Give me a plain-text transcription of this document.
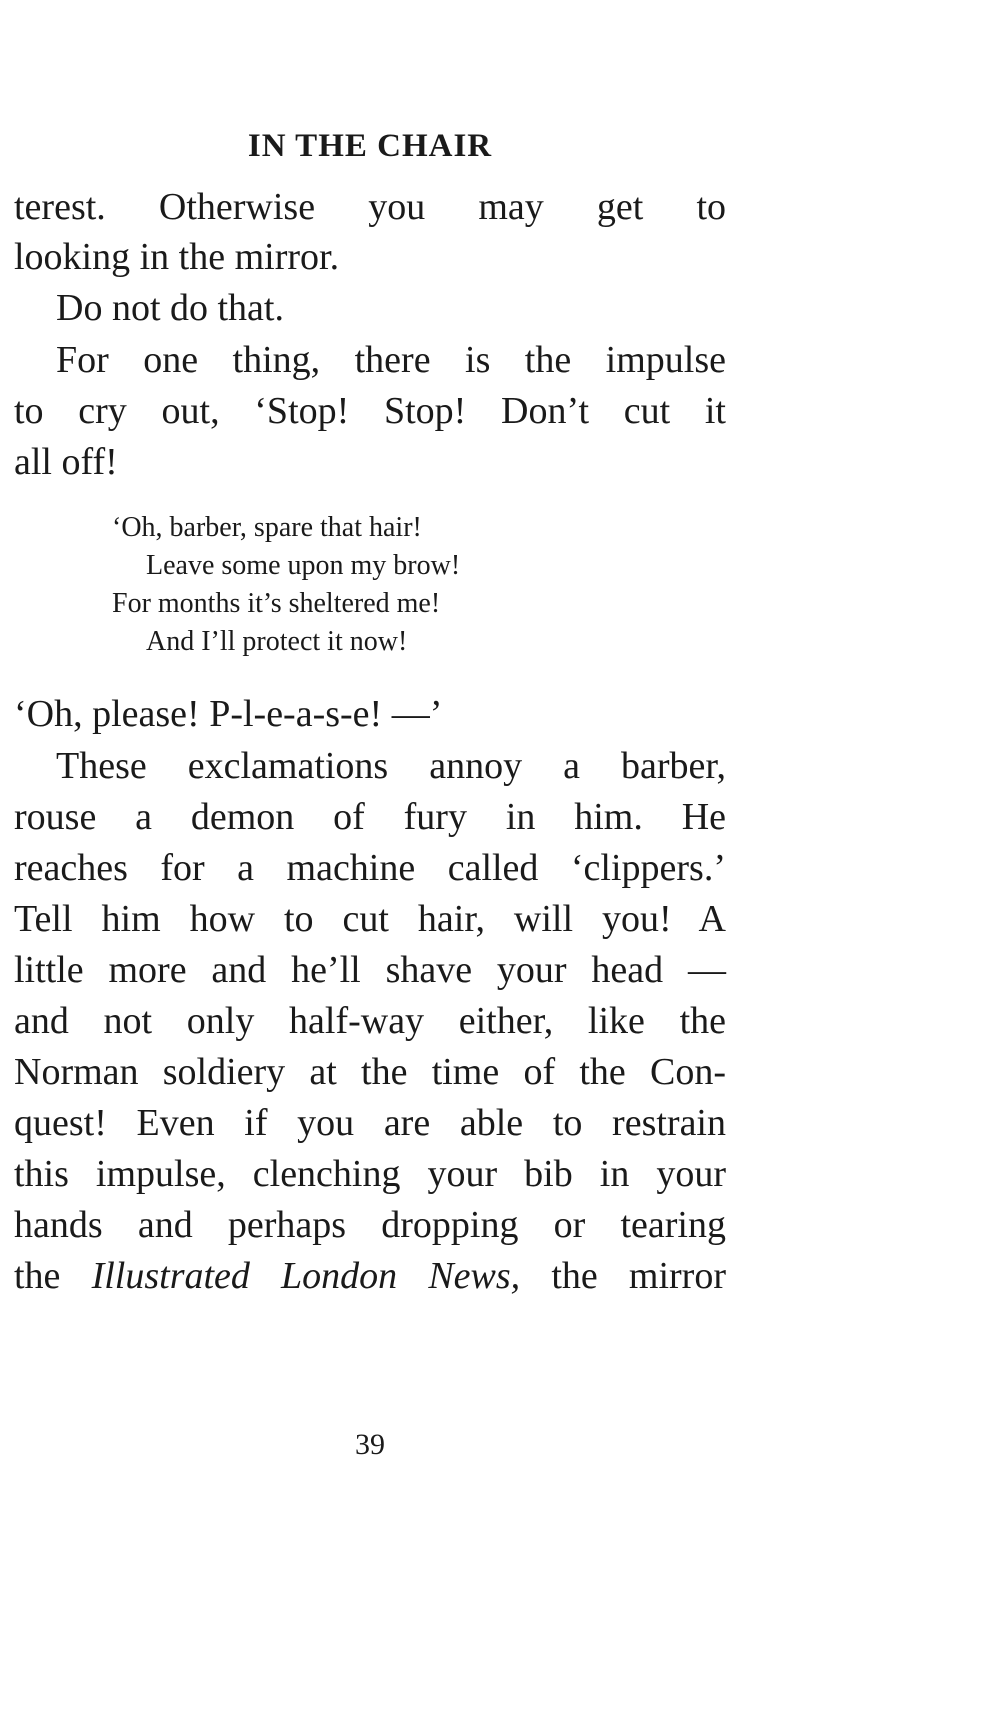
IN THE CHAIR
terest. Otherwise you may get to
looking in the mirror.
Do not do that.
For one thing, there is the impulse
to cry out, ‘Stop! Stop! Don’t cut it
all off!
‘Oh, barber, spare that hair!
Leave some upon my brow!
For months it’s sheltered me!
And I’ll protect it now!
‘Oh, please! P-l-e-a-s-e! —’
These exclamations annoy a barber,
rouse a demon of fury in him. He
reaches for a machine called ‘clippers.’
Tell him how to cut hair, will you! A
little more and he’ll shave your head —
and not only half-way either, like the
Norman soldiery at the time of the Con-
quest! Even if you are able to restrain
this impulse, clenching your bib in your
hands and perhaps dropping or tearing
the Illustrated London News, the mirror
39
